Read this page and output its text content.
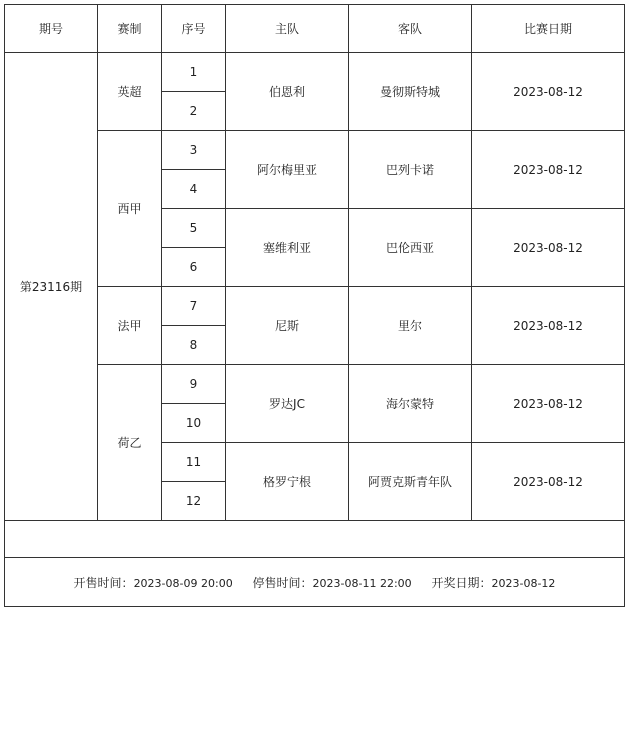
期号	赛制	序号	主队	客队	比赛日期
第23116期	英超	1	伯恩利	曼彻斯特城	2023-08-12
		2			
	西甲	3	阿尔梅里亚	巴列卡诺	2023-08-12
		4			
		5	塞维利亚	巴伦西亚	2023-08-12
		6			
	法甲	7	尼斯	里尔	2023-08-12
		8			
	荷乙	9	罗达JC	海尔蒙特	2023-08-12
		10			
		11	格罗宁根	阿贾克斯青年队	2023-08-12
		12			

开售时间：2023-08-09 20:00 停售时间：2023-08-11 22:00 开奖日期：2023-08-12					
